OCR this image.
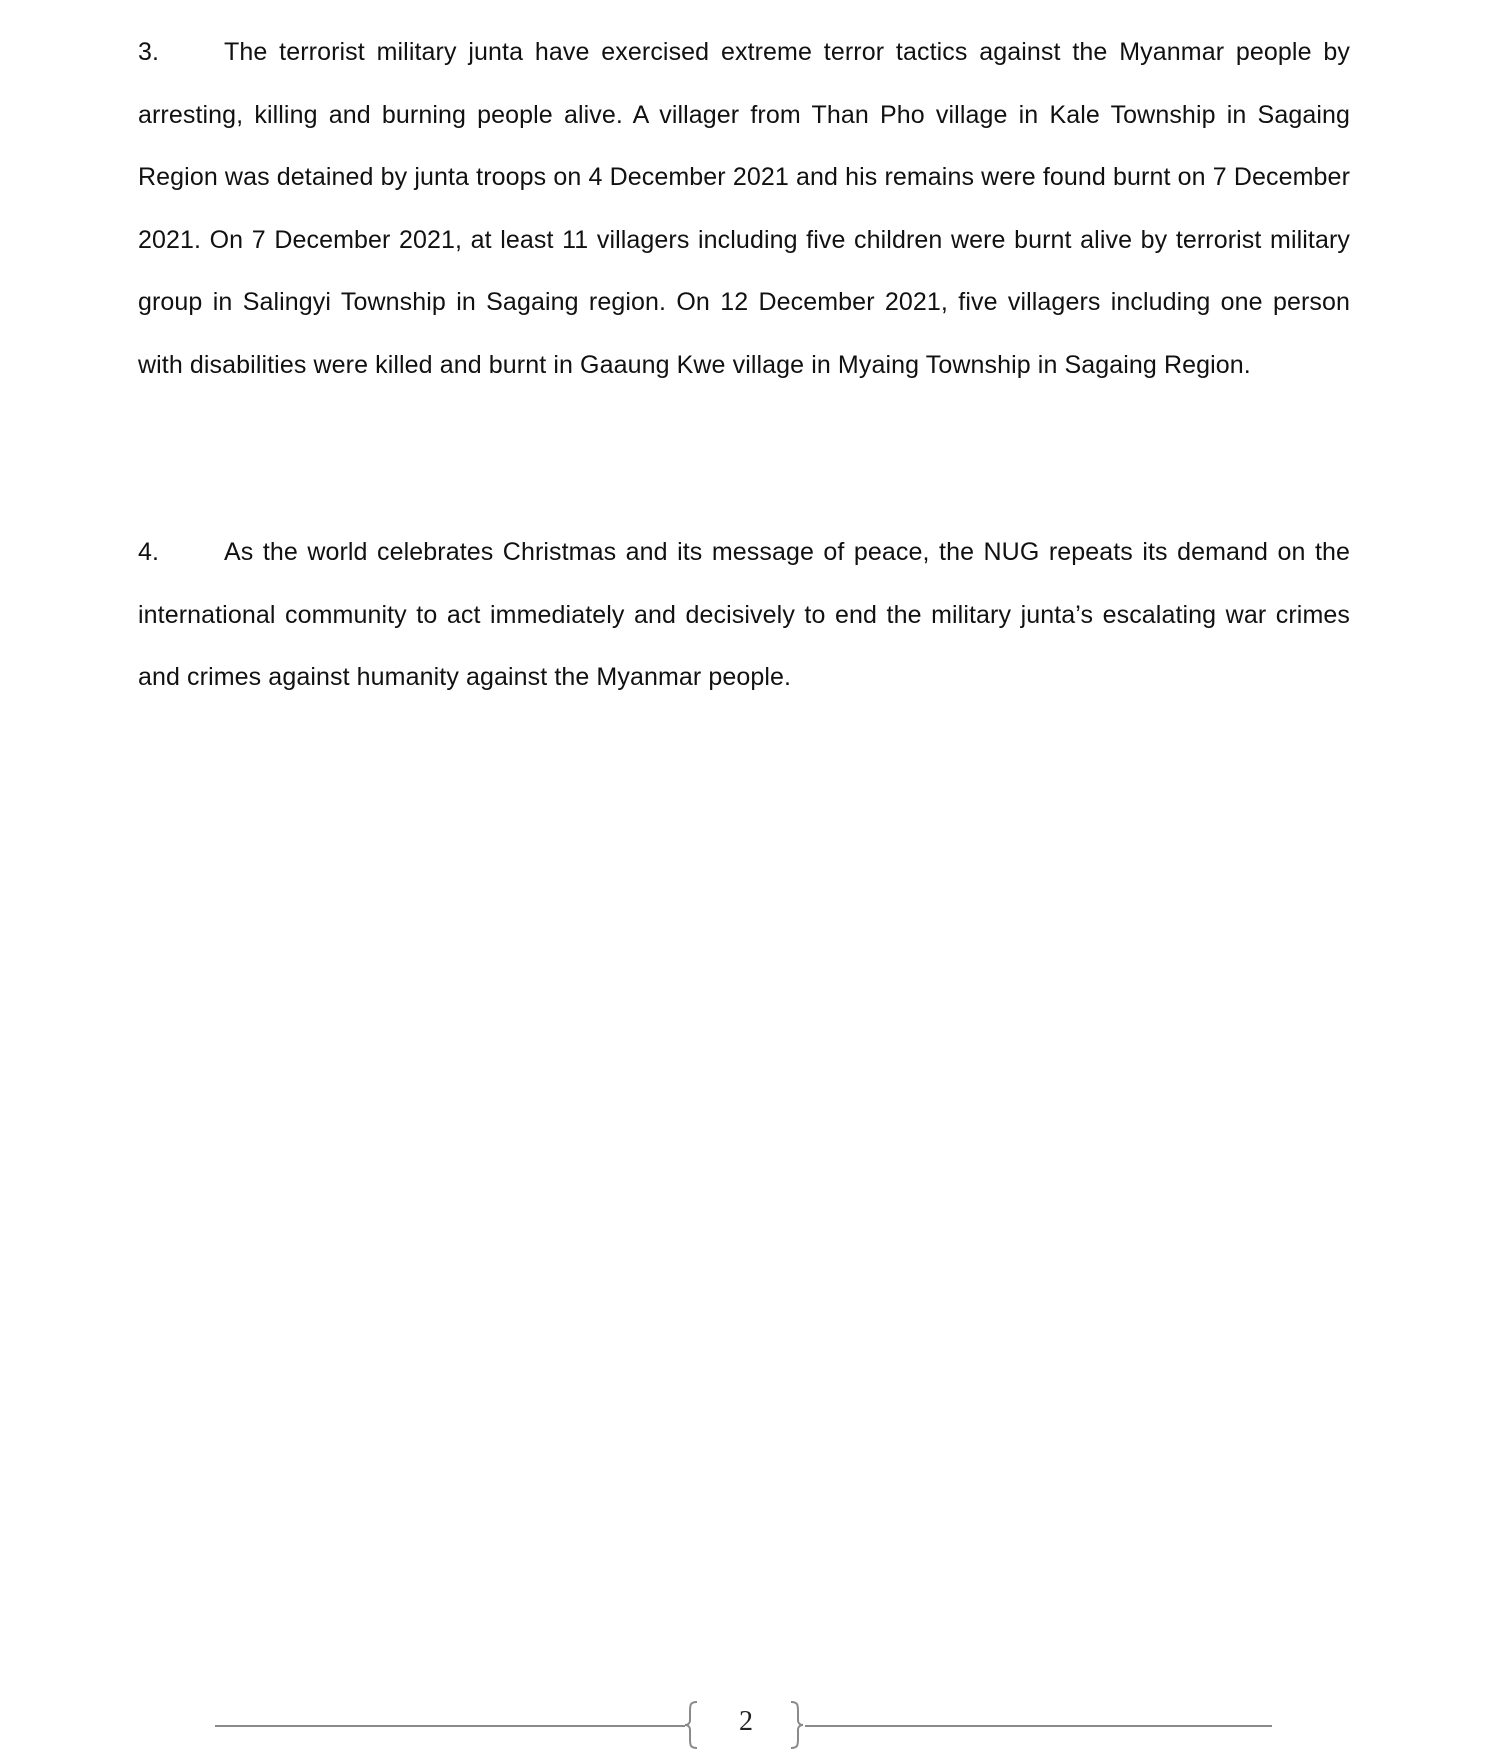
3.	The terrorist military junta have exercised extreme terror tactics against the Myanmar people by arresting, killing and burning people alive. A villager from Than Pho village in Kale Township in Sagaing Region was detained by junta troops on 4 December 2021 and his remains were found burnt on 7 December 2021. On 7 December 2021, at least 11 villagers including five children were burnt alive by terrorist military group in Salingyi Township in Sagaing region. On 12 December 2021, five villagers including one person with disabilities were killed and burnt in Gaaung Kwe village in Myaing Township in Sagaing Region.

4.	As the world celebrates Christmas and its message of peace, the NUG repeats its demand on the international community to act immediately and decisively to end the military junta’s escalating war crimes and crimes against humanity against the Myanmar people.

2
